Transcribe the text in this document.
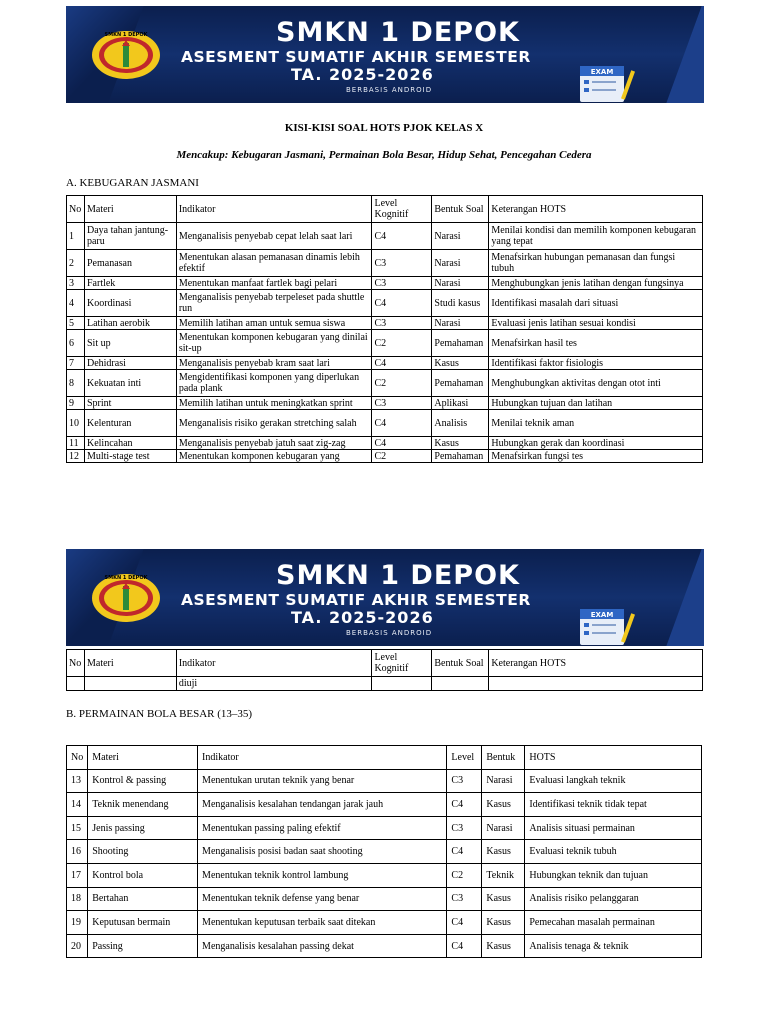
SMKN 1 DEPOK	SMKN 1 DEPOK
ASESMENT SUMATIF AKHIR SEMESTER
TA. 2025-2026
BERBASIS ANDROID
EXAM
KISI-KISI SOAL HOTS PJOK KELAS X
Mencakup: Kebugaran Jasmani, Permainan Bola Besar, Hidup Sehat, Pencegahan Cedera
A. KEBUGARAN JASMANI
No	Materi	Indikator	Level Kognitif	Bentuk Soal	Keterangan HOTS
1	Daya tahan jantung-paru	Menganalisis penyebab cepat lelah saat lari	C4	Narasi	Menilai kondisi dan memilih komponen kebugaran yang tepat
2	Pemanasan	Menentukan alasan pemanasan dinamis lebih efektif	C3	Narasi	Menafsirkan hubungan pemanasan dan fungsi tubuh
3	Fartlek	Menentukan manfaat fartlek bagi pelari	C3	Narasi	Menghubungkan jenis latihan dengan fungsinya
4	Koordinasi	Menganalisis penyebab terpeleset pada shuttle run	C4	Studi kasus	Identifikasi masalah dari situasi
5	Latihan aerobik	Memilih latihan aman untuk semua siswa	C3	Narasi	Evaluasi jenis latihan sesuai kondisi
6	Sit up	Menentukan komponen kebugaran yang dinilai sit-up	C2	Pemahaman	Menafsirkan hasil tes
7	Dehidrasi	Menganalisis penyebab kram saat lari	C4	Kasus	Identifikasi faktor fisiologis
8	Kekuatan inti	Mengidentifikasi komponen yang diperlukan pada plank	C2	Pemahaman	Menghubungkan aktivitas dengan otot inti
9	Sprint	Memilih latihan untuk meningkatkan sprint	C3	Aplikasi	Hubungkan tujuan dan latihan
10	Kelenturan	Menganalisis risiko gerakan stretching salah	C4	Analisis	Menilai teknik aman
11	Kelincahan	Menganalisis penyebab jatuh saat zig-zag	C4	Kasus	Hubungkan gerak dan koordinasi
12	Multi-stage test	Menentukan komponen kebugaran yang	C2	Pemahaman	Menafsirkan fungsi tes
SMKN 1 DEPOK	SMKN 1 DEPOK
ASESMENT SUMATIF AKHIR SEMESTER
TA. 2025-2026
BERBASIS ANDROID
EXAM
No	Materi	Indikator	Level Kognitif	Bentuk Soal	Keterangan HOTS
		diuji			
B. PERMAINAN BOLA BESAR (13–35)
No	Materi	Indikator	Level	Bentuk	HOTS
13	Kontrol & passing	Menentukan urutan teknik yang benar	C3	Narasi	Evaluasi langkah teknik
14	Teknik menendang	Menganalisis kesalahan tendangan jarak jauh	C4	Kasus	Identifikasi teknik tidak tepat
15	Jenis passing	Menentukan passing paling efektif	C3	Narasi	Analisis situasi permainan
16	Shooting	Menganalisis posisi badan saat shooting	C4	Kasus	Evaluasi teknik tubuh
17	Kontrol bola	Menentukan teknik kontrol lambung	C2	Teknik	Hubungkan teknik dan tujuan
18	Bertahan	Menentukan teknik defense yang benar	C3	Kasus	Analisis risiko pelanggaran
19	Keputusan bermain	Menentukan keputusan terbaik saat ditekan	C4	Kasus	Pemecahan masalah permainan
20	Passing	Menganalisis kesalahan passing dekat	C4	Kasus	Analisis tenaga & teknik
